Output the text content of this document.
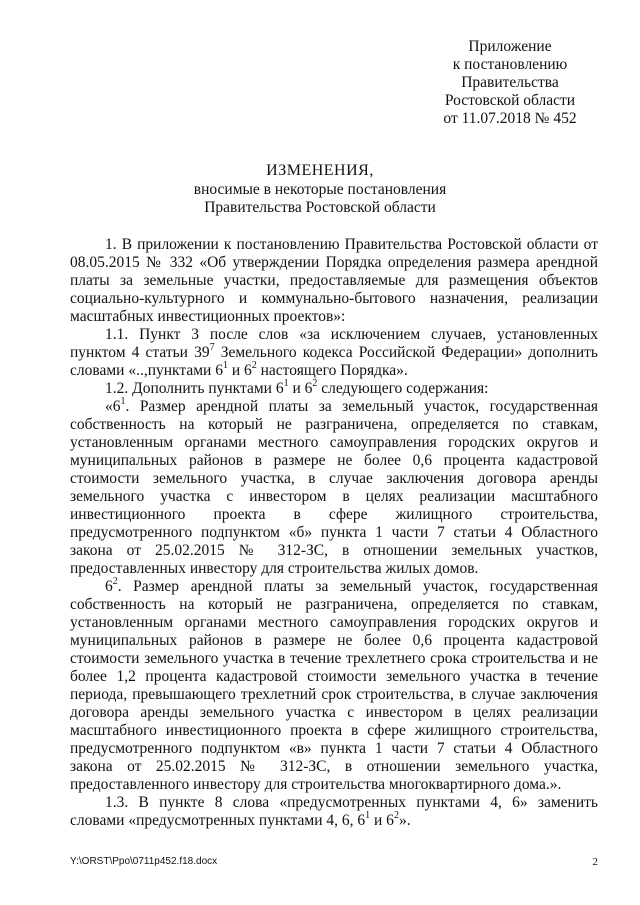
Приложение
к постановлению
Правительства
Ростовской области
от 11.07.2018 № 452
ИЗМЕНЕНИЯ,
вносимые в некоторые постановления
Правительства Ростовской области

1. В приложении к постановлению Правительства Ростовской области от 08.05.2015 № 332 «Об утверждении Порядка определения размера арендной платы за земельные участки, предоставляемые для размещения объектов социально-культурного и коммунально-бытового назначения, реализации масштабных инвестиционных проектов»:

1.1. Пункт 3 после слов «за исключением случаев, установленных пунктом 4 статьи $39^7$ Земельного кодекса Российской Федерации» дополнить словами «..,пунктами $6^1$ и $6^2$ настоящего Порядка».

1.2. Дополнить пунктами $6^1$ и $6^2$ следующего содержания:

«$6^1$. Размер арендной платы за земельный участок, государственная собственность на который не разграничена, определяется по ставкам, установленным органами местного самоуправления городских округов и муниципальных районов в размере не более 0,6 процента кадастровой стоимости земельного участка, в случае заключения договора аренды земельного участка с инвестором в целях реализации масштабного инвестиционного проекта в сфере жилищного строительства, предусмотренного подпунктом «б» пункта 1 части 7 статьи 4 Областного закона от 25.02.2015 № 312-ЗС, в отношении земельных участков, предоставленных инвестору для строительства жилых домов.

$6^2$. Размер арендной платы за земельный участок, государственная собственность на который не разграничена, определяется по ставкам, установленным органами местного самоуправления городских округов и муниципальных районов в размере не более 0,6 процента кадастровой стоимости земельного участка в течение трехлетнего срока строительства и не более 1,2 процента кадастровой стоимости земельного участка в течение периода, превышающего трехлетний срок строительства, в случае заключения договора аренды земельного участка с инвестором в целях реализации масштабного инвестиционного проекта в сфере жилищного строительства, предусмотренного подпунктом «в» пункта 1 части 7 статьи 4 Областного закона от 25.02.2015 № 312-ЗС, в отношении земельного участка, предоставленного инвестору для строительства многоквартирного дома.».

1.3. В пункте 8 слова «предусмотренных пунктами 4, 6» заменить словами «предусмотренных пунктами 4, 6, $6^1$ и $6^2$».

Y:\ORST\Ppo\0711p452.f18.docx	2
